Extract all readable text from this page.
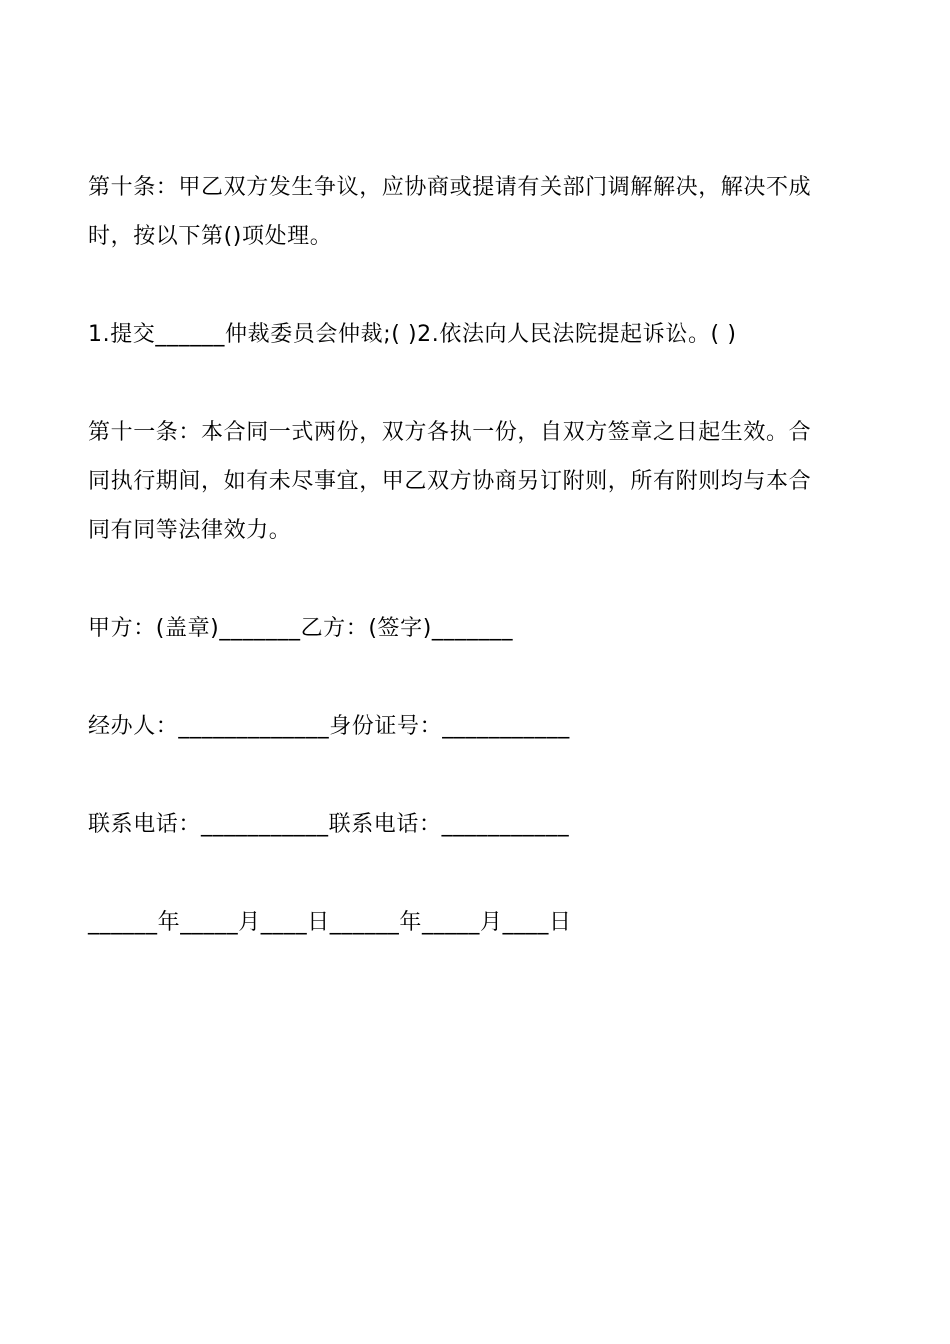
第十条：甲乙双方发生争议，应协商或提请有关部门调解解决，解决不成
时，按以下第()项处理。
1.提交______仲裁委员会仲裁;( )2.依法向人民法院提起诉讼。( )
第十一条：本合同一式两份，双方各执一份，自双方签章之日起生效。合
同执行期间，如有未尽事宜，甲乙双方协商另订附则，所有附则均与本合
同有同等法律效力。
甲方：(盖章)_______乙方：(签字)_______
经办人：_____________身份证号：___________
联系电话：___________联系电话：___________
______年_____月____日______年_____月____日
